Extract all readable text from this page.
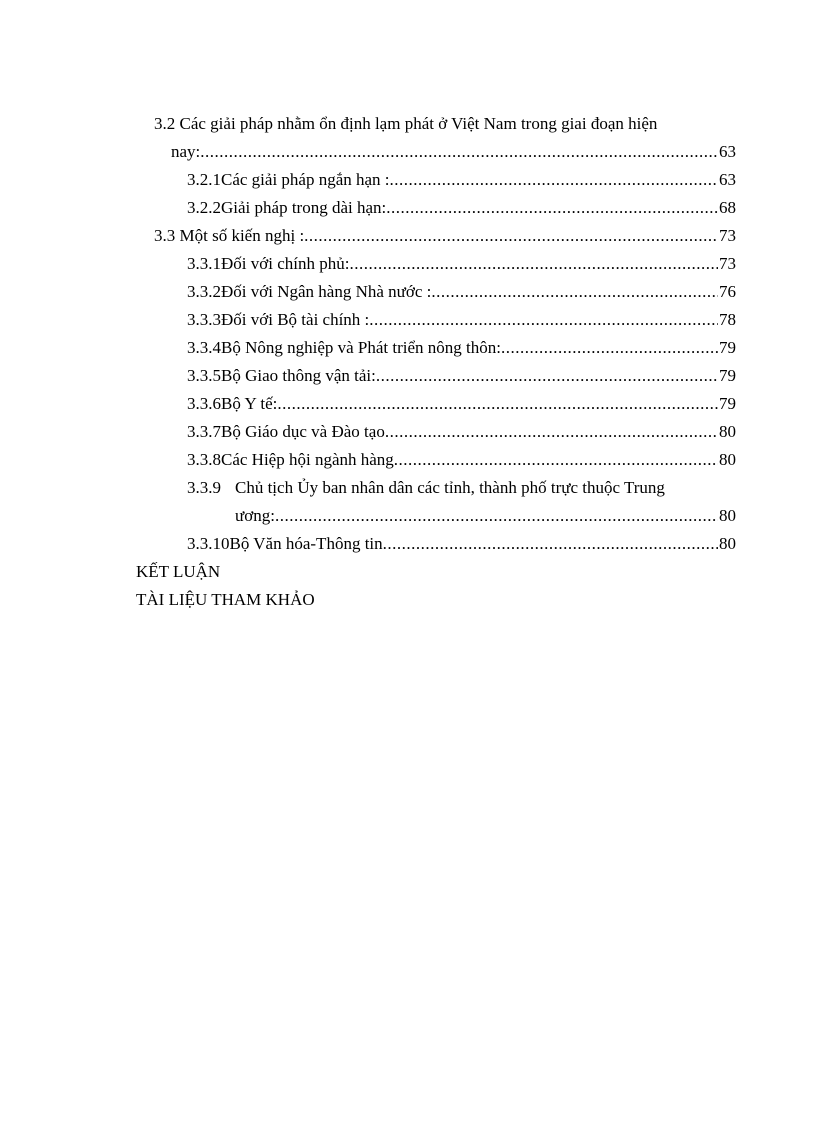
3.2 Các giải pháp nhằm ổn định lạm phát ở Việt Nam trong giai đoạn hiện
nay: .....	63
3.2.1 Các giải pháp ngắn hạn : .....	63
3.2.2 Giải pháp trong dài hạn: .....	68
3.3 Một số kiến nghị : .....	73
3.3.1 Đối với chính phủ: .....	73
3.3.2 Đối với Ngân hàng Nhà nước : .....	76
3.3.3 Đối với Bộ tài chính : .....	78
3.3.4 Bộ Nông nghiệp và Phát triển nông thôn: .....	79
3.3.5 Bộ Giao thông vận tải: .....	79
3.3.6 Bộ Y tế: .....	79
3.3.7 Bộ Giáo dục và Đào tạo .....	80
3.3.8 Các Hiệp hội ngành hàng .....	80
3.3.9 Chủ tịch Ủy ban nhân dân các tỉnh, thành phố trực thuộc Trung
ương: .....	80
3.3.10 Bộ Văn hóa-Thông tin .....	80
KẾT LUẬN
TÀI LIỆU THAM KHẢO
